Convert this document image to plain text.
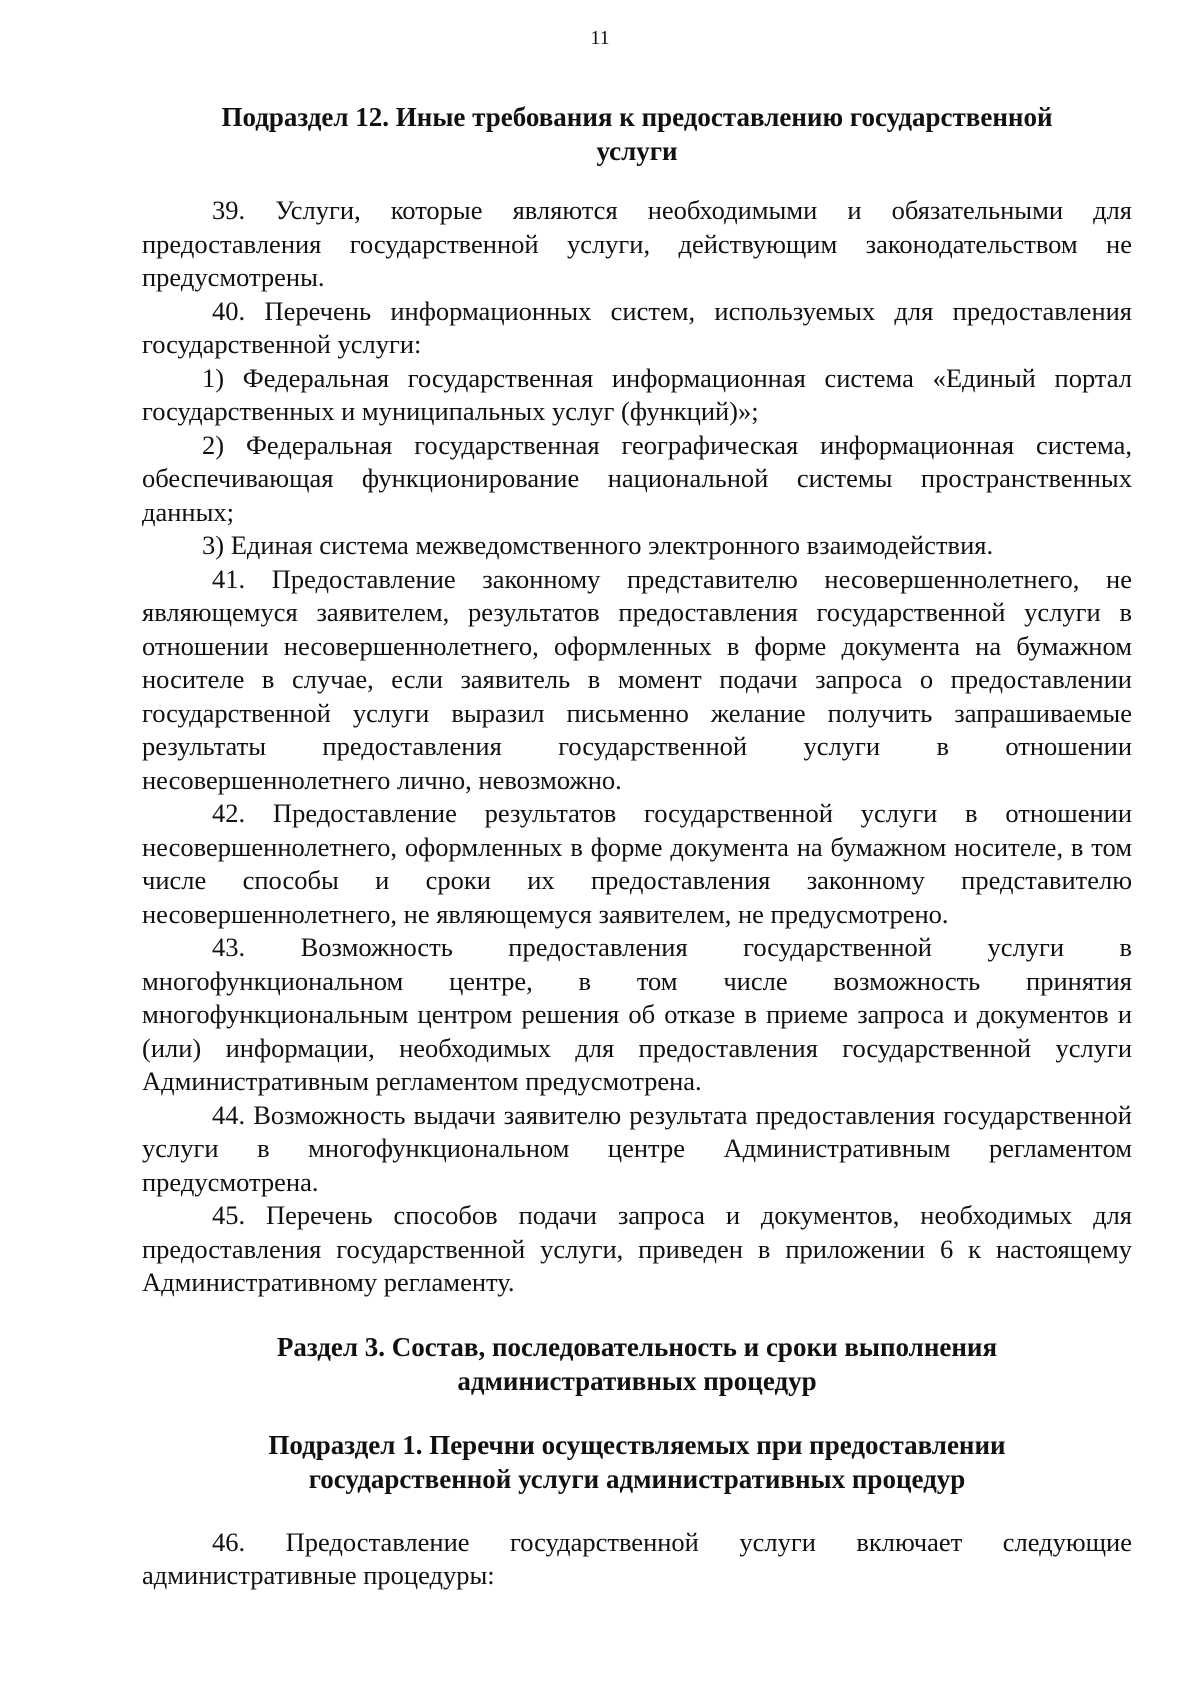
11
Подраздел 12. Иные требования к предоставлению государственной
услуги

39. Услуги, которые являются необходимыми и обязательными для предоставления государственной услуги, действующим законодательством не предусмотрены.

40. Перечень информационных систем, используемых для предоставления государственной услуги:

1) Федеральная государственная информационная система «Единый портал государственных и муниципальных услуг (функций)»;

2) Федеральная государственная географическая информационная система, обеспечивающая функционирование национальной системы пространственных данных;

3) Единая система межведомственного электронного взаимодействия.

41. Предоставление законному представителю несовершеннолетнего, не являющемуся заявителем, результатов предоставления государственной услуги в отношении несовершеннолетнего, оформленных в форме документа на бумажном носителе в случае, если заявитель в момент подачи запроса о предоставлении государственной услуги выразил письменно желание получить запрашиваемые результаты предоставления государственной услуги в отношении несовершеннолетнего лично, невозможно.

42. Предоставление результатов государственной услуги в отношении несовершеннолетнего, оформленных в форме документа на бумажном носителе, в том числе способы и сроки их предоставления законному представителю несовершеннолетнего, не являющемуся заявителем, не предусмотрено.

43. Возможность предоставления государственной услуги в многофункциональном центре, в том числе возможность принятия многофункциональным центром решения об отказе в приеме запроса и документов и (или) информации, необходимых для предоставления государственной услуги Административным регламентом предусмотрена.

44. Возможность выдачи заявителю результата предоставления государственной услуги в многофункциональном центре Административным регламентом предусмотрена.

45. Перечень способов подачи запроса и документов, необходимых для предоставления государственной услуги, приведен в приложении 6 к настоящему Административному регламенту.

Раздел 3. Состав, последовательность и сроки выполнения
административных процедур
Подраздел 1. Перечни осуществляемых при предоставлении
государственной услуги административных процедур

46. Предоставление государственной услуги включает следующие административные процедуры:
